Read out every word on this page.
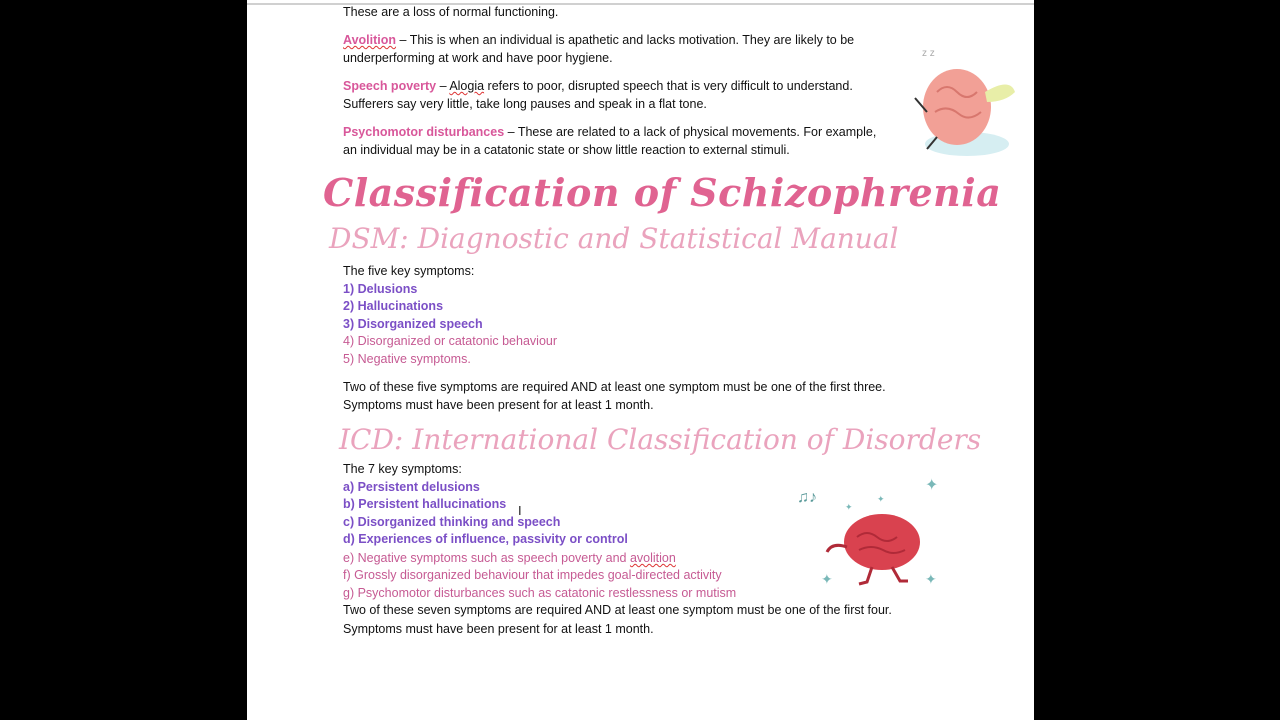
These are a loss of normal functioning.
Avolition – This is when an individual is apathetic and lacks motivation. They are likely to be
underperforming at work and have poor hygiene.
Speech poverty – Alogia refers to poor, disrupted speech that is very difficult to understand.
Sufferers say very little, take long pauses and speak in a flat tone.
Psychomotor disturbances – These are related to a lack of physical movements. For example,
an individual may be in a catatonic state or show little reaction to external stimuli.
z z
Classification of Schizophrenia
DSM: Diagnostic and Statistical Manual
The five key symptoms:
1) Delusions
2) Hallucinations
3) Disorganized speech
4) Disorganized or catatonic behaviour
5) Negative symptoms.
Two of these five symptoms are required AND at least one symptom must be one of the first three.
Symptoms must have been present for at least 1 month.
ICD: International Classification of Disorders
The 7 key symptoms:
a) Persistent delusions
b) Persistent hallucinations
c) Disorganized thinking and speech
d) Experiences of influence, passivity or control
e) Negative symptoms such as speech poverty and avolition
f) Grossly disorganized behaviour that impedes goal-directed activity
g) Psychomotor disturbances such as catatonic restlessness or mutism
Two of these seven symptoms are required AND at least one symptom must be one of the first four.
Symptoms must have been present for at least 1 month.
I
♫♪
✦
✦
✦
✦	✦
